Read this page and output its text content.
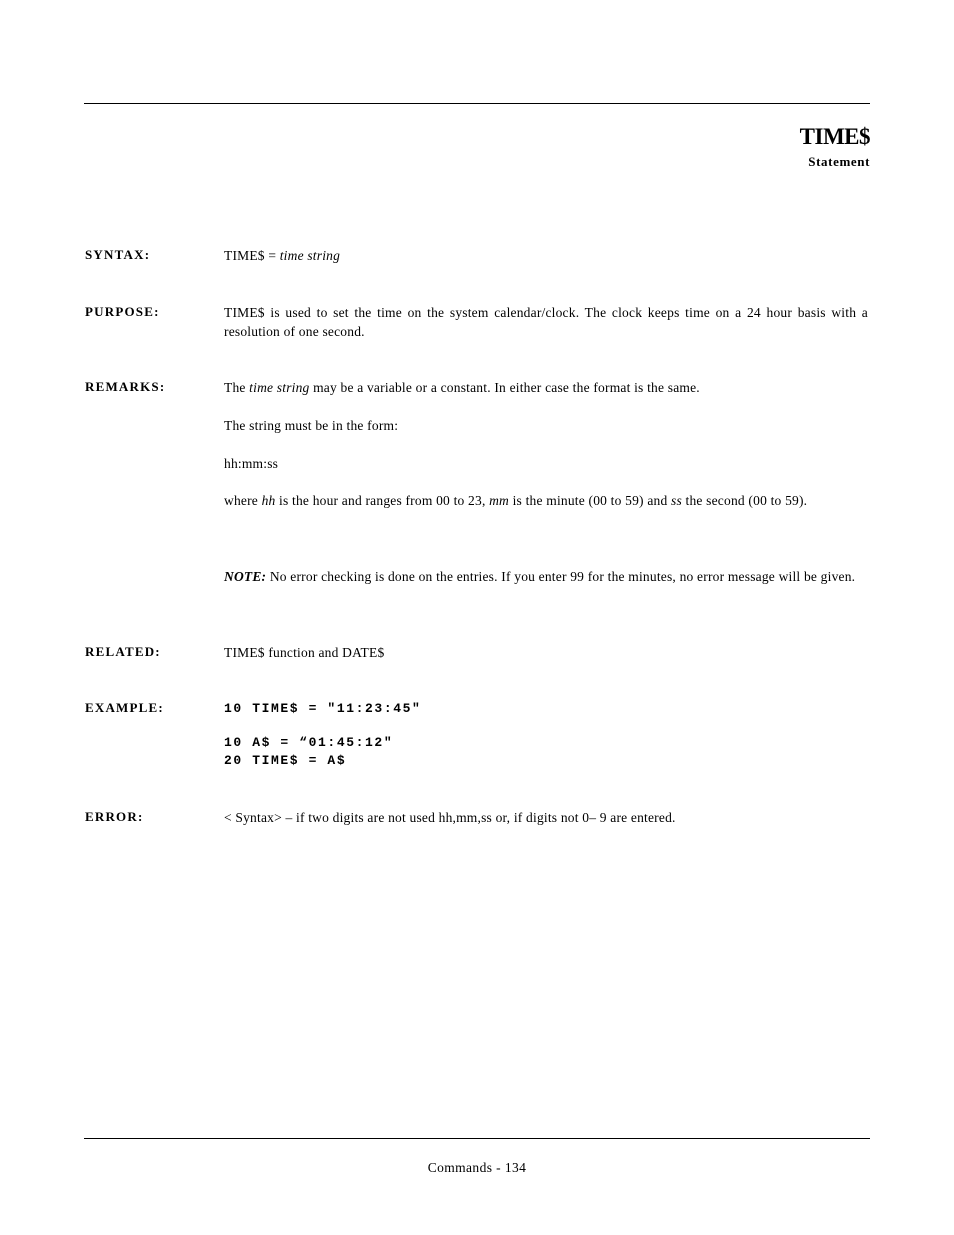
TIME$
Statement
SYNTAX:	TIME$ = time string
PURPOSE:	TIME$ is used to set the time on the system calendar/clock. The clock keeps time on a 24 hour basis with a resolution of one second.
REMARKS:	The time string may be a variable or a constant. In either case the format is the same.
The string must be in the form:
hh:mm:ss
where hh is the hour and ranges from 00 to 23, mm is the minute (00 to 59) and ss the second (00 to 59).
NOTE: No error checking is done on the entries. If you enter 99 for the minutes, no error message will be given.
RELATED:	TIME$ function and DATE$
EXAMPLE:	10 TIME$ = "11:23:45"
10 A$ = “01:45:12"
20 TIME$ = A$
ERROR:	< Syntax> – if two digits are not used hh,mm,ss or, if digits not 0– 9 are entered.
Commands - 134
